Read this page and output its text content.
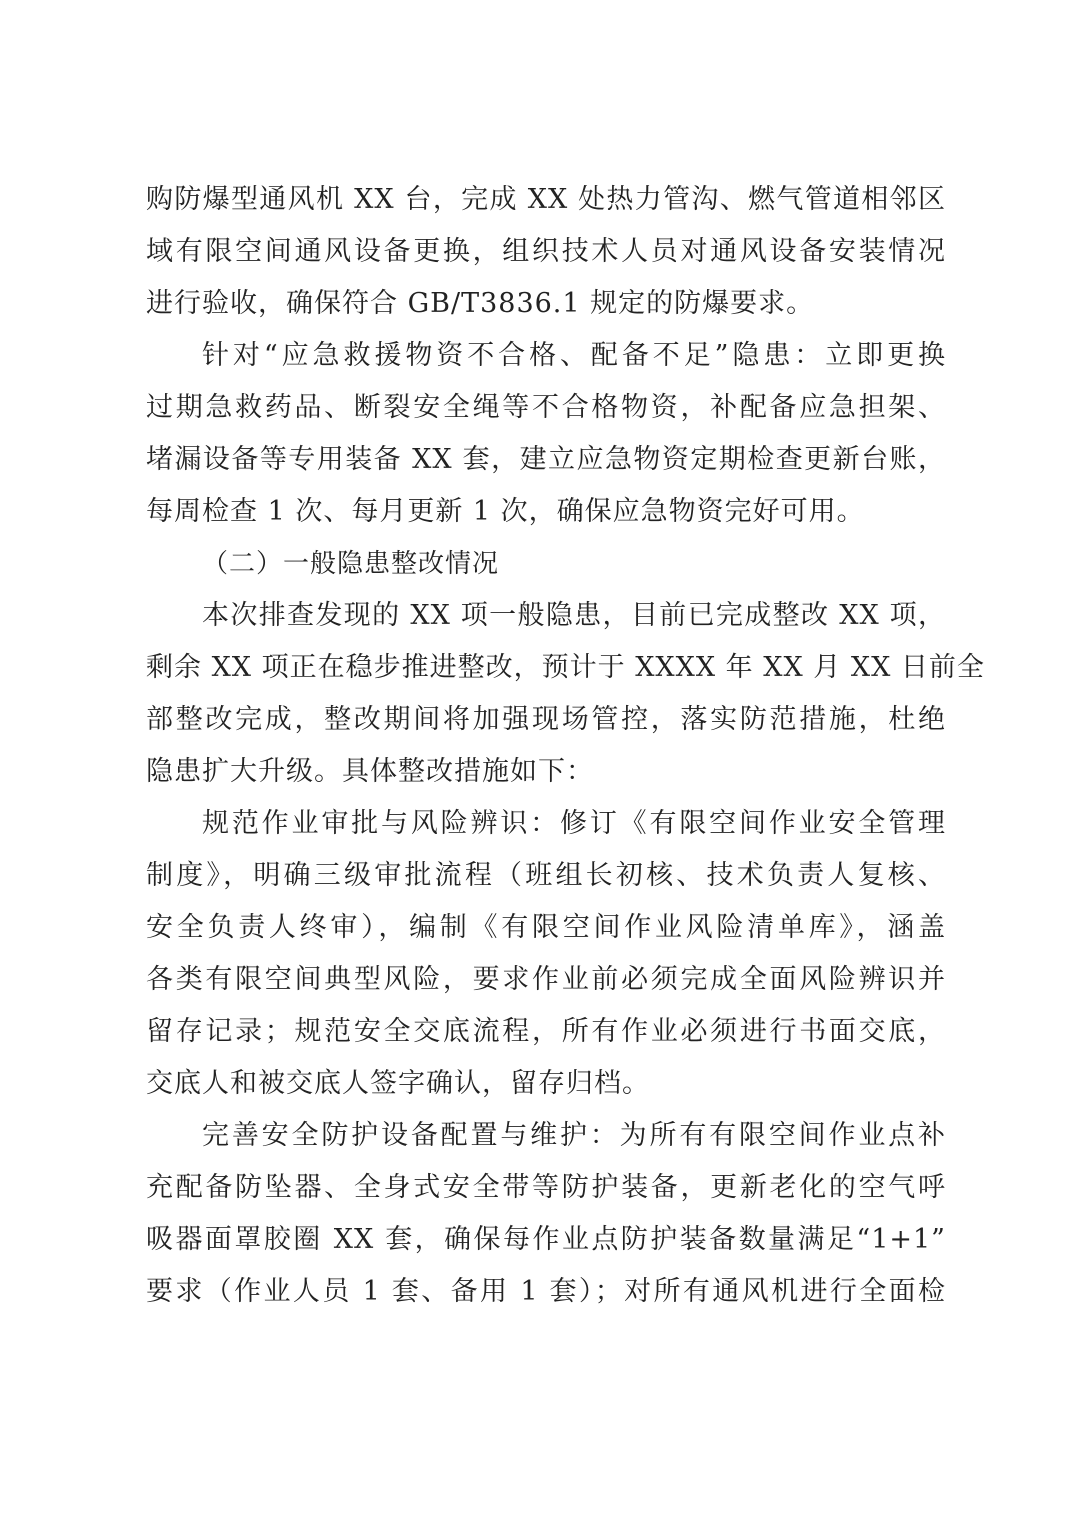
购防爆型通风机 XX 台，完成 XX 处热力管沟、燃气管道相邻区
域有限空间通风设备更换，组织技术人员对通风设备安装情况
进行验收，确保符合 GB/T3836.1 规定的防爆要求。
针对“应急救援物资不合格、配备不足”隐患：立即更换
过期急救药品、断裂安全绳等不合格物资，补配备应急担架、
堵漏设备等专用装备 XX 套，建立应急物资定期检查更新台账，
每周检查 1 次、每月更新 1 次，确保应急物资完好可用。
（二）一般隐患整改情况
本次排查发现的 XX 项一般隐患，目前已完成整改 XX 项，
剩余 XX 项正在稳步推进整改，预计于 XXXX 年 XX 月 XX 日前全
部整改完成，整改期间将加强现场管控，落实防范措施，杜绝
隐患扩大升级。具体整改措施如下：
规范作业审批与风险辨识：修订《有限空间作业安全管理
制度》，明确三级审批流程（班组长初核、技术负责人复核、
安全负责人终审），编制《有限空间作业风险清单库》，涵盖
各类有限空间典型风险，要求作业前必须完成全面风险辨识并
留存记录；规范安全交底流程，所有作业必须进行书面交底，
交底人和被交底人签字确认，留存归档。
完善安全防护设备配置与维护：为所有有限空间作业点补
充配备防坠器、全身式安全带等防护装备，更新老化的空气呼
吸器面罩胶圈 XX 套，确保每作业点防护装备数量满足“1+1”
要求（作业人员 1 套、备用 1 套）；对所有通风机进行全面检
